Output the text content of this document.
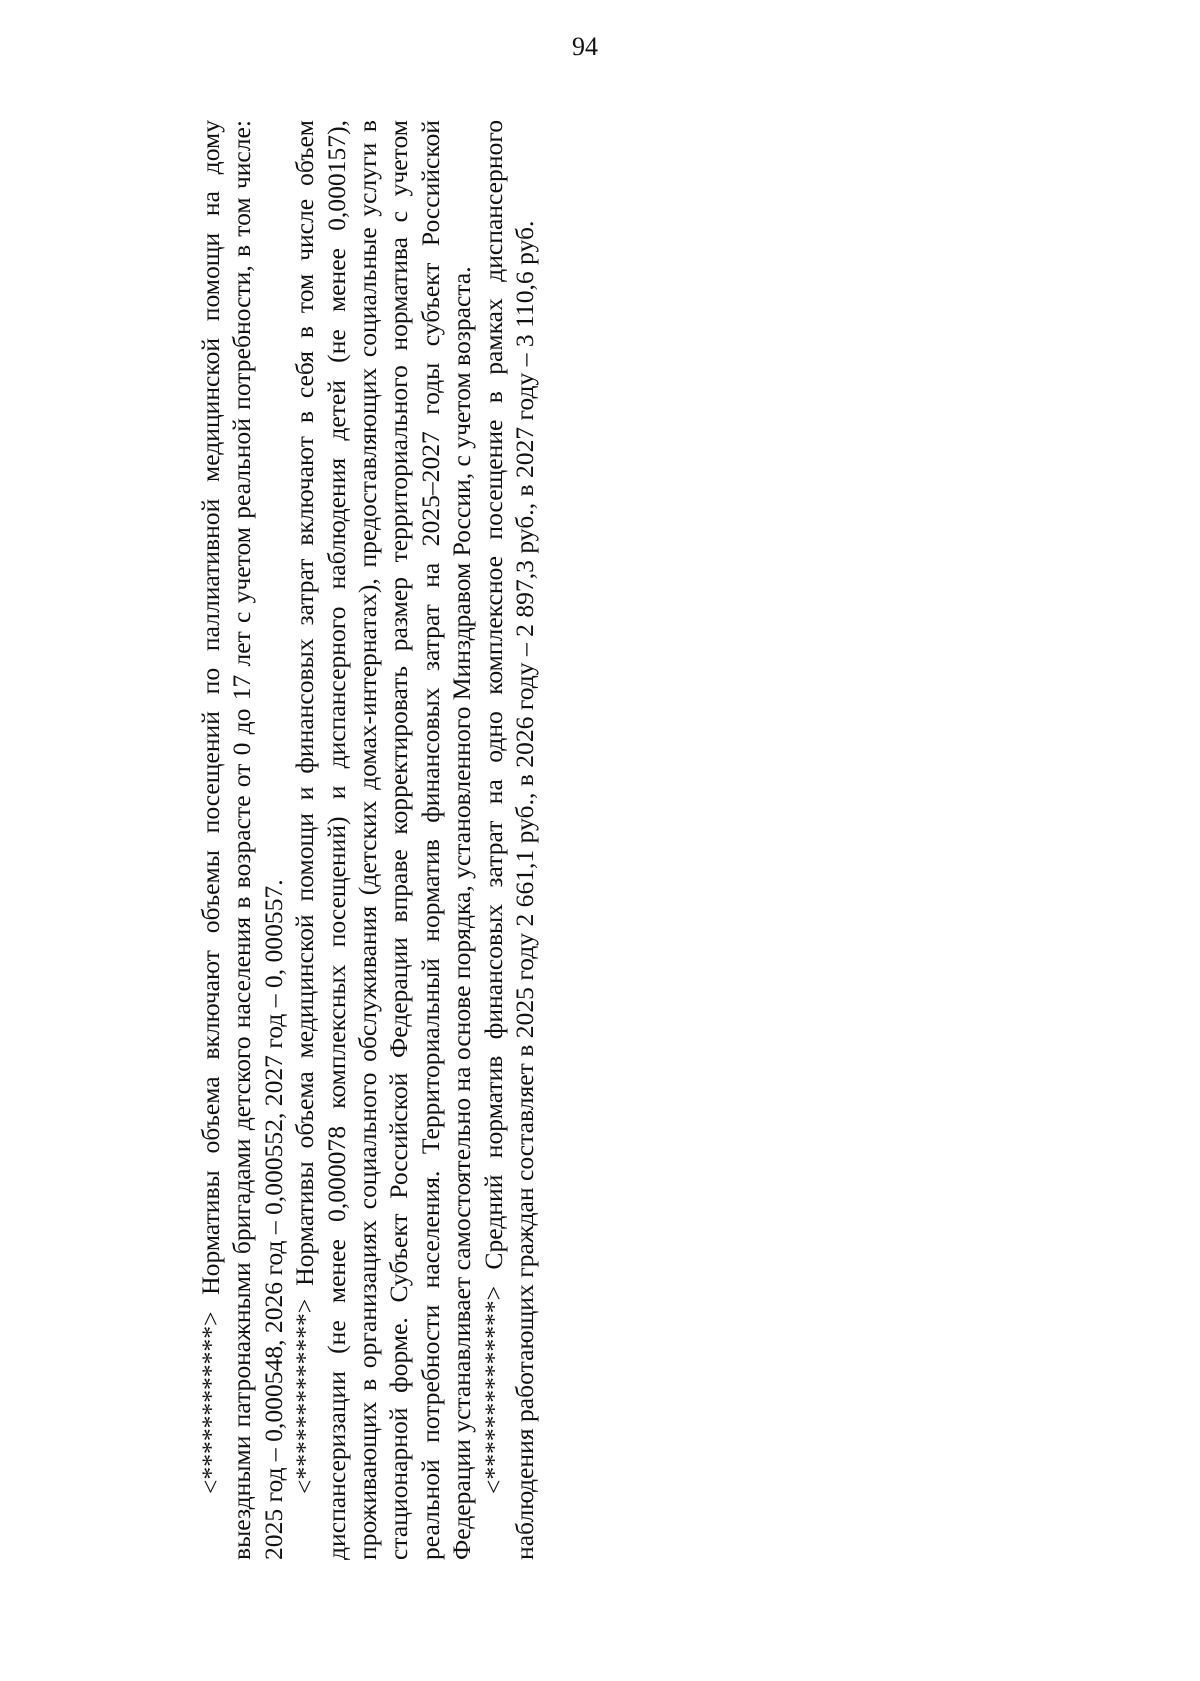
94

<************> Нормативы объема включают объемы посещений по паллиативной медицинской помощи на дому выездными патронажными бригадами детского населения в возрасте от 0 до 17 лет с учетом реальной потребности, в том числе: 2025 год – 0,000548, 2026 год – 0,000552, 2027 год – 0, 000557. <*************> Нормативы объема медицинской помощи и финансовых затрат включают в себя в том числе объем диспансеризации (не менее 0,000078 комплексных посещений) и диспансерного наблюдения детей (не менее 0,000157), проживающих в организациях социального обслуживания (детских домах-интернатах), предоставляющих социальные услуги в стационарной форме. Субъект Российской Федерации вправе корректировать размер территориального норматива с учетом реальной потребности населения. Территориальный норматив финансовых затрат на 2025–2027 годы субъект Российской Федерации устанавливает самостоятельно на основе порядка, установленного Минздравом России, с учетом возраста. <**************> Средний норматив финансовых затрат на одно комплексное посещение в рамках диспансерного наблюдения работающих граждан составляет в 2025 году 2 661,1 руб., в 2026 году – 2 897,3 руб., в 2027 году – 3 110,6 руб.
